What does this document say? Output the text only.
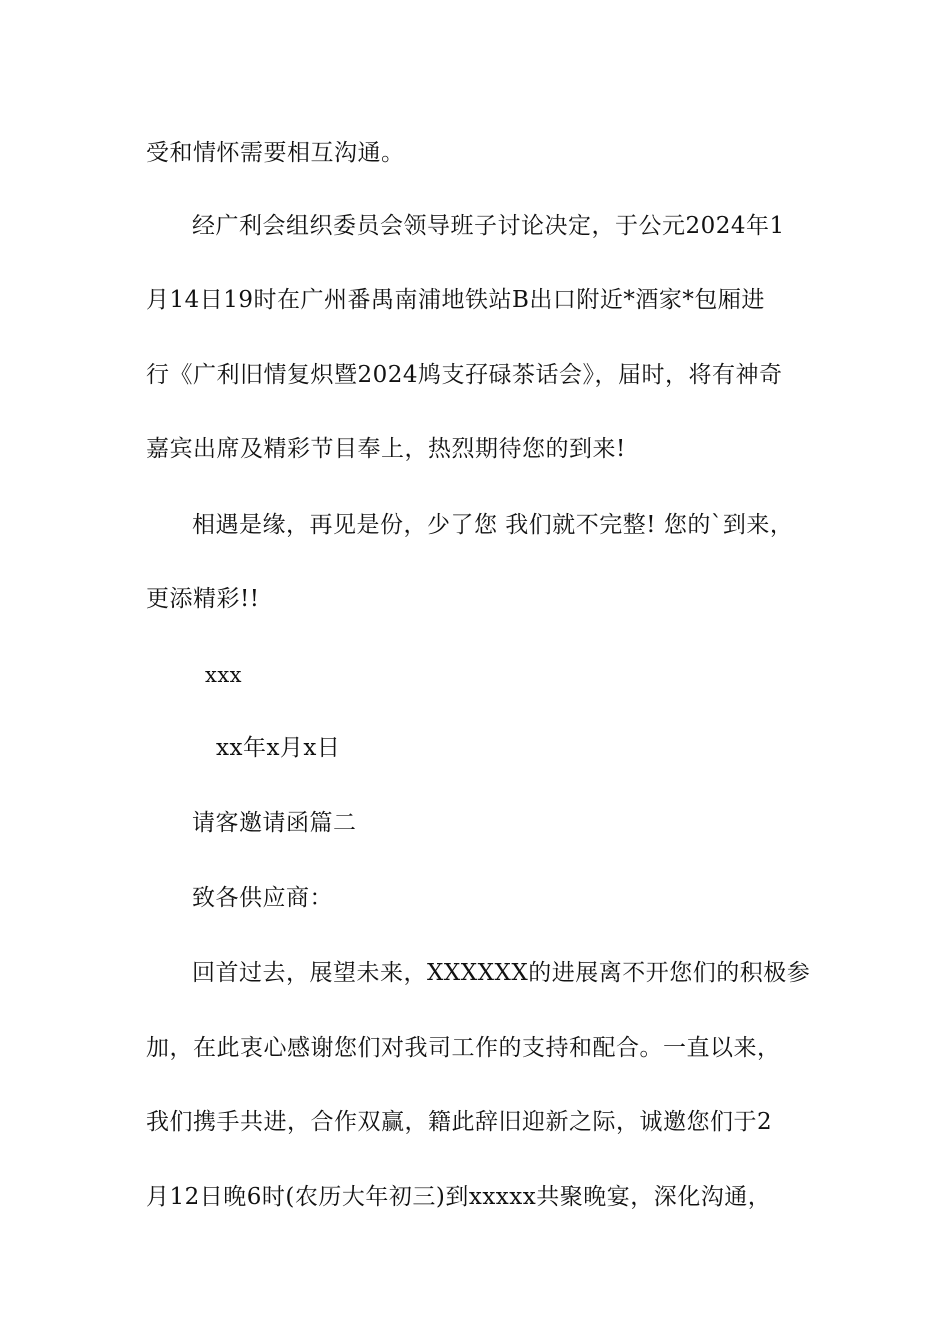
受和情怀需要相互沟通。
经广利会组织委员会领导班子讨论决定，于公元2024年1
月14日19时在广州番禺南浦地铁站B出口附近*酒家*包厢进
行《广利旧情复炽暨2024鸠支孖碌茶话会》，届时，将有神奇
嘉宾出席及精彩节目奉上，热烈期待您的到来!
相遇是缘，再见是份，少了您 我们就不完整! 您的`到来，
更添精彩!!
xxx
xx年x月x日
请客邀请函篇二
致各供应商：
回首过去，展望未来，XXXXXX的进展离不开您们的积极参
加，在此衷心感谢您们对我司工作的支持和配合。一直以来，
我们携手共进，合作双赢，籍此辞旧迎新之际，诚邀您们于2
月12日晚6时(农历大年初三)到xxxxx共聚晚宴，深化沟通，
